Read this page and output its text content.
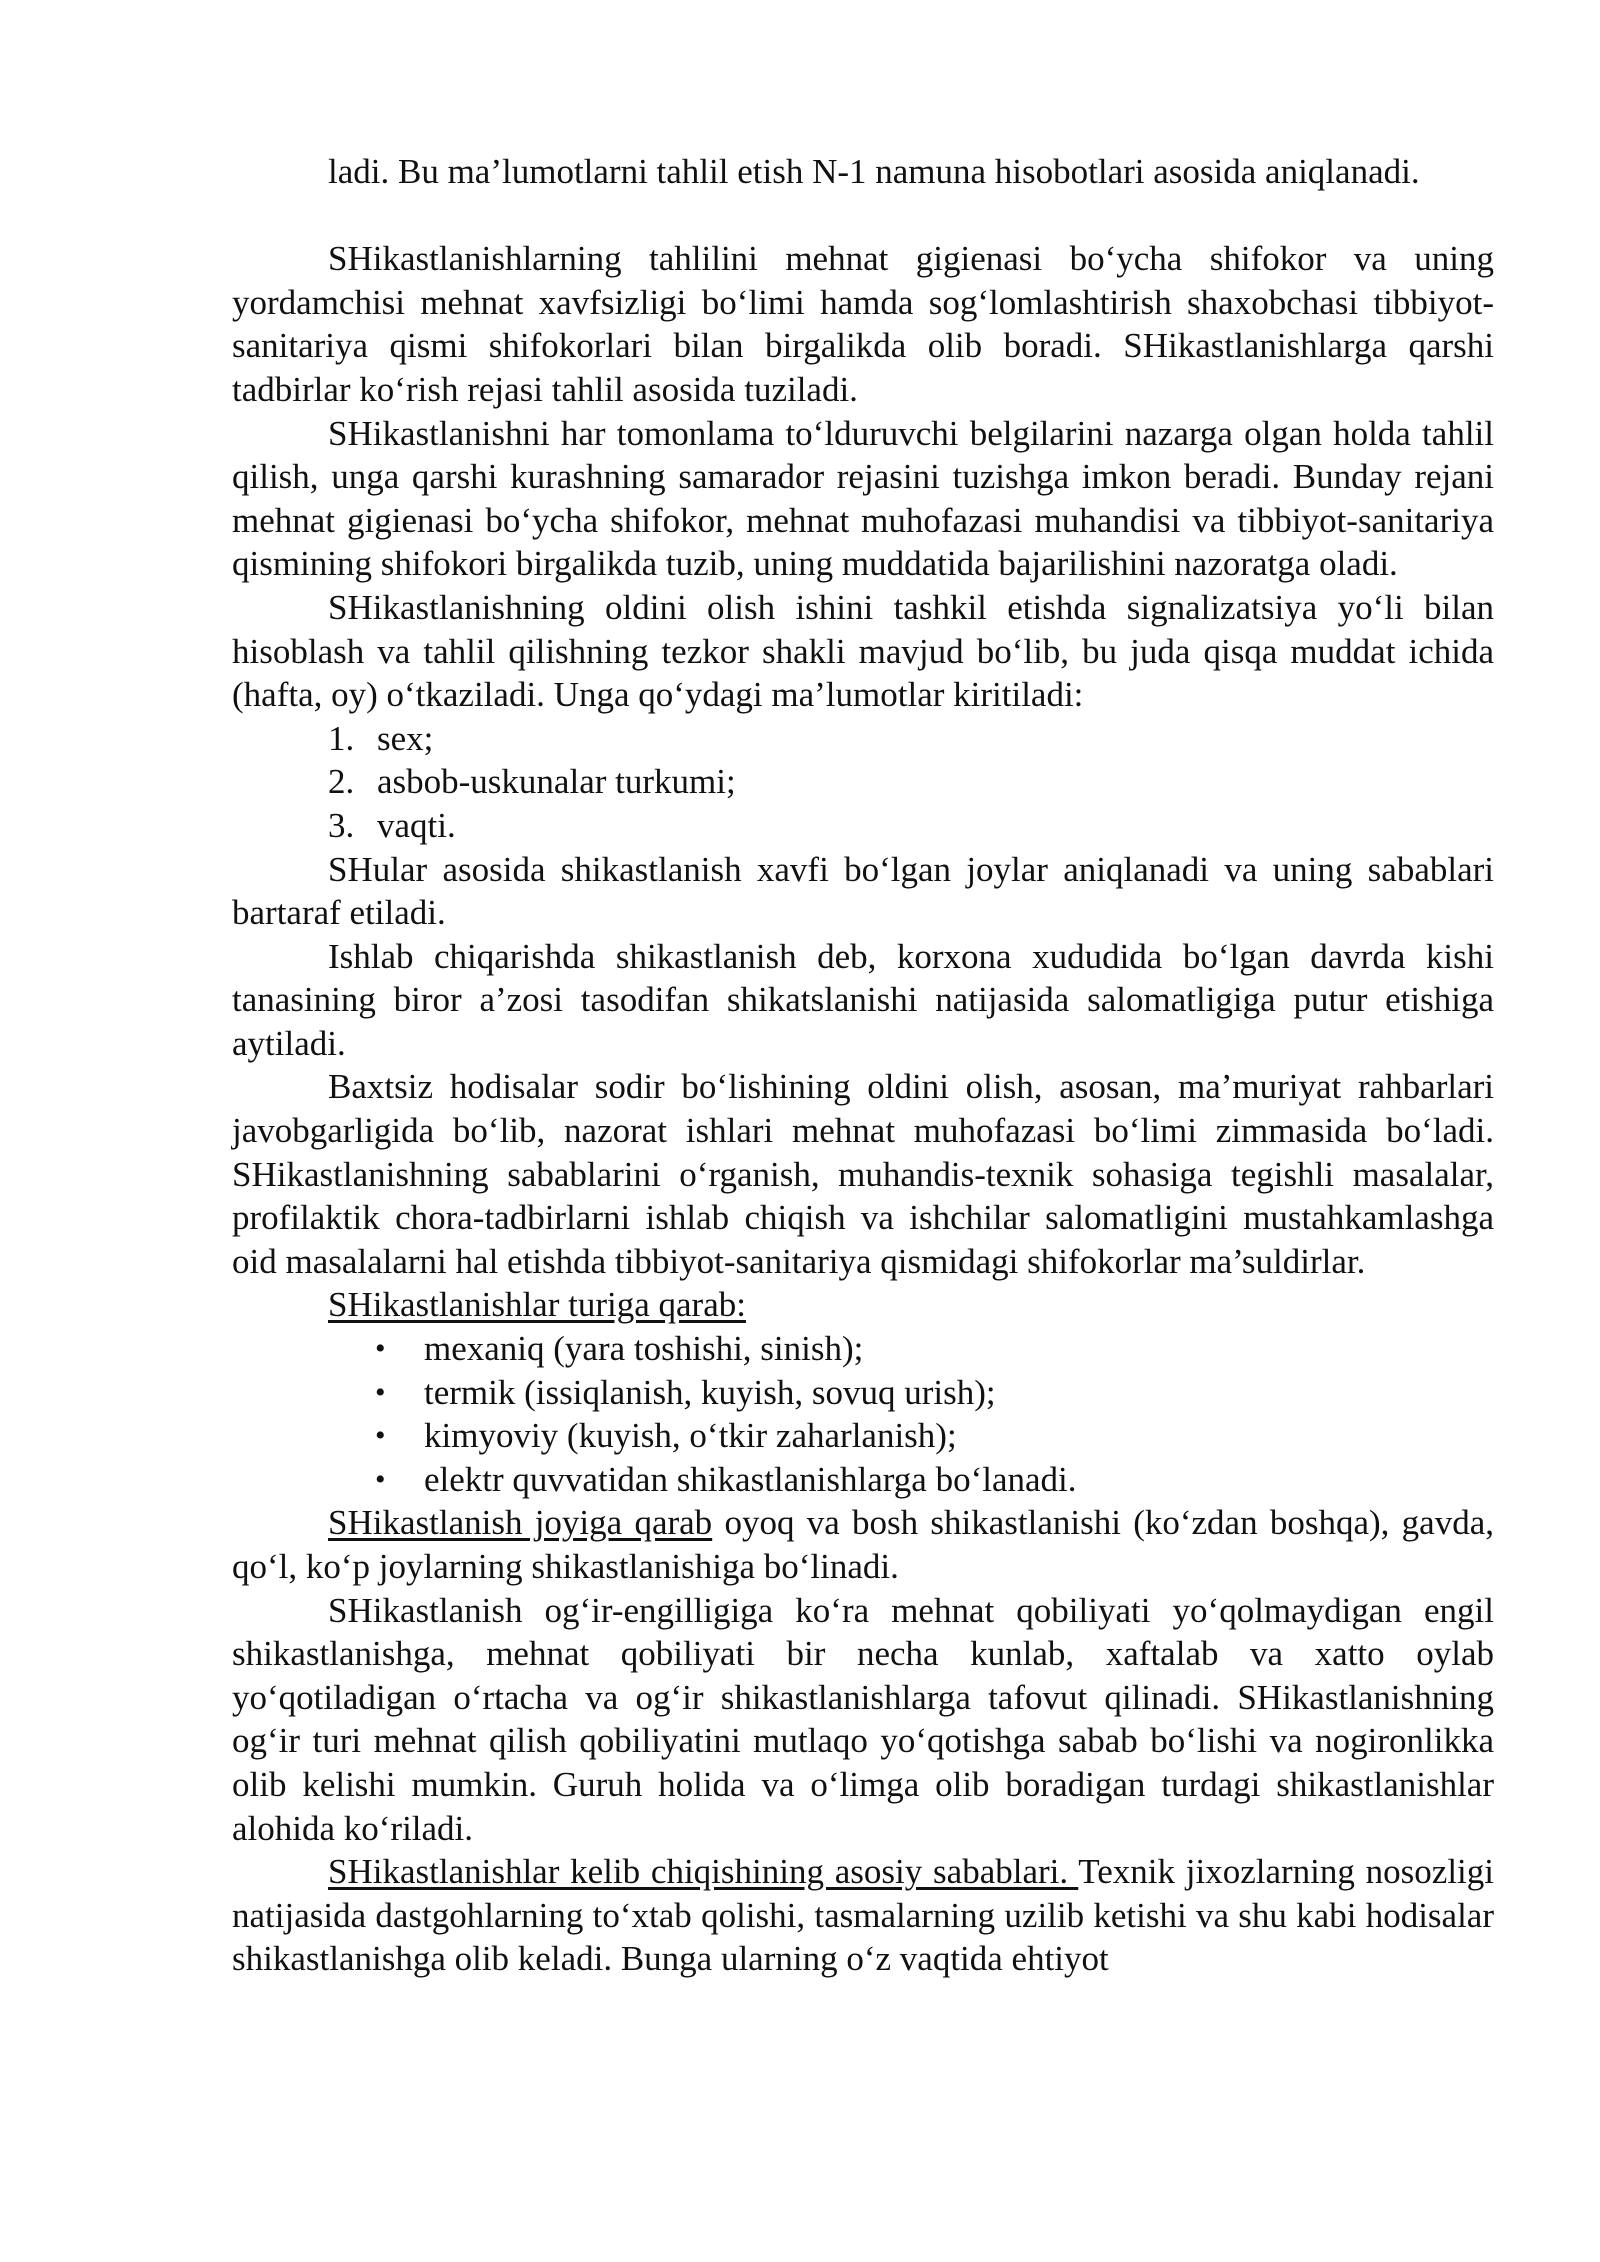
ladi. Bu ma’lumotlarni tahlil etish N-1 namuna hisobotlari asosida aniqlanadi.

SHikastlanishlarning tahlilini mehnat gigienasi bo‘ycha shifokor va uning yordamchisi mehnat xavfsizligi bo‘limi hamda sog‘lomlashtirish shaxobchasi tibbiyot-sanitariya qismi shifokorlari bilan birgalikda olib boradi. SHikastlanishlarga qarshi tadbirlar ko‘rish rejasi tahlil asosida tuziladi.

SHikastlanishni har tomonlama to‘lduruvchi belgilarini nazarga olgan holda tahlil qilish, unga qarshi kurashning samarador rejasini tuzishga imkon beradi. Bunday rejani mehnat gigienasi bo‘ycha shifokor, mehnat muhofazasi muhandisi va tibbiyot-sanitariya qismining shifokori birgalikda tuzib, uning muddatida bajarilishini nazoratga oladi.

SHikastlanishning oldini olish ishini tashkil etishda signalizatsiya yo‘li bilan hisoblash va tahlil qilishning tezkor shakli mavjud bo‘lib, bu juda qisqa muddat ichida (hafta, oy) o‘tkaziladi. Unga qo‘ydagi ma’lumotlar kiritiladi:

1. sex;
2. asbob-uskunalar turkumi;
3. vaqti.

SHular asosida shikastlanish xavfi bo‘lgan joylar aniqlanadi va uning sabablari bartaraf etiladi.

Ishlab chiqarishda shikastlanish deb, korxona xududida bo‘lgan davrda kishi tanasining biror a’zosi tasodifan shikatslanishi natijasida salomatligiga putur etishiga aytiladi.

Baxtsiz hodisalar sodir bo‘lishining oldini olish, asosan, ma’muriyat rahbarlari javobgarligida bo‘lib, nazorat ishlari mehnat muhofazasi bo‘limi zimmasida bo‘ladi. SHikastlanishning sabablarini o‘rganish, muhandis-texnik sohasiga tegishli masalalar, profilaktik chora-tadbirlarni ishlab chiqish va ishchilar salomatligini mustahkamlashga oid masalalarni hal etishda tibbiyot-sanitariya qismidagi shifokorlar ma’suldirlar.

SHikastlanishlar turiga qarab:

• mexaniq (yara toshishi, sinish);
• termik (issiqlanish, kuyish, sovuq urish);
• kimyoviy (kuyish, o‘tkir zaharlanish);
• elektr quvvatidan shikastlanishlarga bo‘lanadi.

SHikastlanish joyiga qarab oyoq va bosh shikastlanishi (ko‘zdan boshqa), gavda, qo‘l, ko‘p joylarning shikastlanishiga bo‘linadi.

SHikastlanish og‘ir-engilligiga ko‘ra mehnat qobiliyati yo‘qolmaydigan engil shikastlanishga, mehnat qobiliyati bir necha kunlab, xaftalab va xatto oylab yo‘qotiladigan o‘rtacha va og‘ir shikastlanishlarga tafovut qilinadi. SHikastlanishning og‘ir turi mehnat qilish qobiliyatini mutlaqo yo‘qotishga sabab bo‘lishi va nogironlikka olib kelishi mumkin. Guruh holida va o‘limga olib boradigan turdagi shikastlanishlar alohida ko‘riladi.

SHikastlanishlar kelib chiqishining asosiy sabablari. Texnik jixozlarning nosozligi natijasida dastgohlarning to‘xtab qolishi, tasmalarning uzilib ketishi va shu kabi hodisalar shikastlanishga olib keladi. Bunga ularning o‘z vaqtida ehtiyot
